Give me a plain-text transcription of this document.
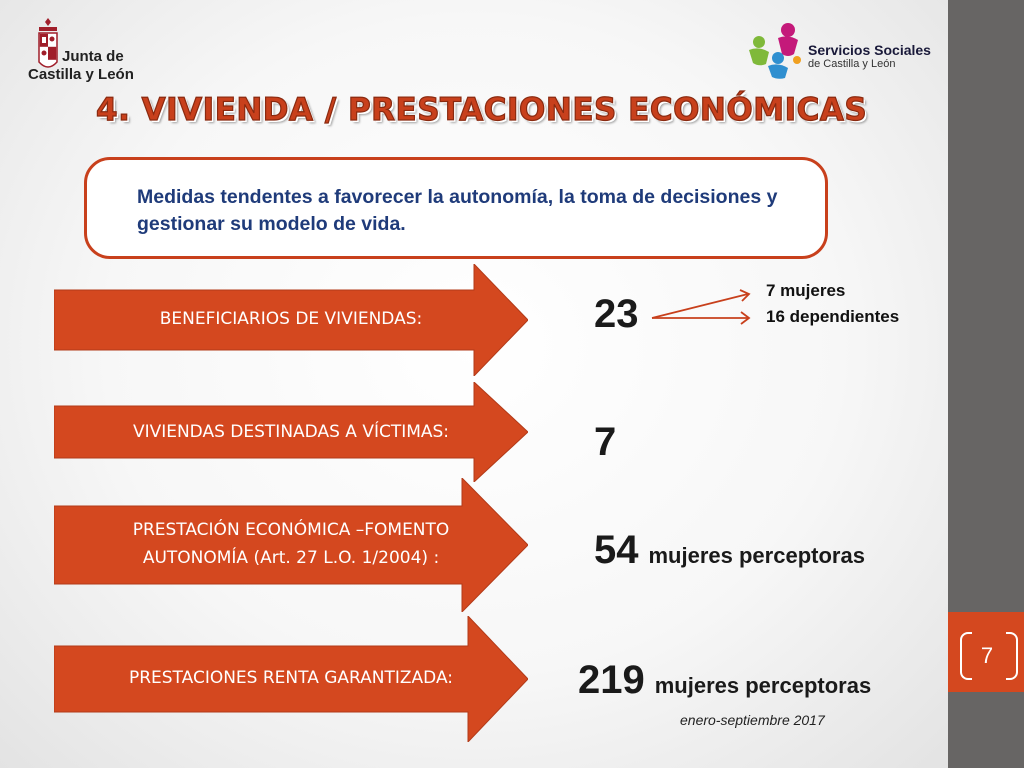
7
Junta de
Castilla y León
Servicios Sociales
de Castilla y León
4. VIVIENDA / PRESTACIONES ECONÓMICAS
Medidas tendentes a favorecer la autonomía, la toma de decisiones y gestionar su modelo de vida.
BENEFICIARIOS DE VIVIENDAS:
VIVIENDAS DESTINADAS A VÍCTIMAS:
PRESTACIÓN ECONÓMICA –FOMENTO
AUTONOMÍA (Art. 27 L.O. 1/2004) :
PRESTACIONES RENTA GARANTIZADA:
23
7 mujeres
16 dependientes
7
54 mujeres perceptoras
219 mujeres perceptoras
enero-septiembre 2017
